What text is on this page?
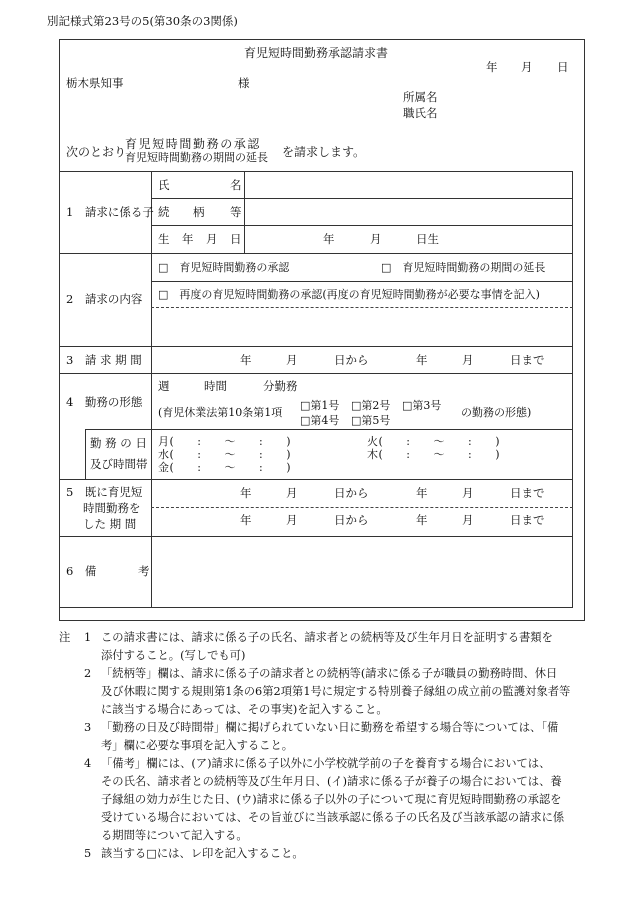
別記様式第23号の5(第30条の3関係)
育児短時間勤務承認請求書
年 月 日
栃木県知事	様
所属名
職氏名
次のとおり
育児短時間勤務の承認
育児短時間勤務の期間の延長 を請求します。
1　請求に係る子
氏	名
続 柄 等
生 年 月 日	年	月	日生
2　請求の内容
□　育児短時間勤務の承認	□　育児短時間勤務の期間の延長
□　再度の育児短時間勤務の承認(再度の育児短時間勤務が必要な事情を記入)
3　請 求 期 間	年	月	日から	年	月	日まで
4　勤務の形態
週	時間	分勤務
(育児休業法第10条第1項
□第1号 □第2号 □第3号
□第4号 □第5号
の勤務の形態)
勤 務 の 日
及び時間帯
月(　　:　　～　　:　　)	火(　　:　　～　　:　　)
水(　　:　　～　　:　　)	木(　　:　　～　　:　　)
金(　　:　　～　　:　　)
5　既に育児短
時間勤務を
した 期 間
年	月	日から	年	月	日まで
年	月	日から	年	月	日まで
6　備	考
注 1 この請求書には、請求に係る子の氏名、請求者との続柄等及び生年月日を証明する書類を
添付すること。(写しでも可)
2 「続柄等」欄は、請求に係る子の請求者との続柄等(請求に係る子が職員の勤務時間、休日
及び休暇に関する規則第1条の6第2項第1号に規定する特別養子縁組の成立前の監護対象者等
に該当する場合にあっては、その事実)を記入すること。
3 「勤務の日及び時間帯」欄に掲げられていない日に勤務を希望する場合等については、「備
考」欄に必要な事項を記入すること。
4 「備考」欄には、(ア)請求に係る子以外に小学校就学前の子を養育する場合においては、
その氏名、請求者との続柄等及び生年月日、(イ)請求に係る子が養子の場合においては、養
子縁組の効力が生じた日、(ウ)請求に係る子以外の子について現に育児短時間勤務の承認を
受けている場合においては、その旨並びに当該承認に係る子の氏名及び当該承認の請求に係
る期間等について記入する。
5 該当する□には、レ印を記入すること。
